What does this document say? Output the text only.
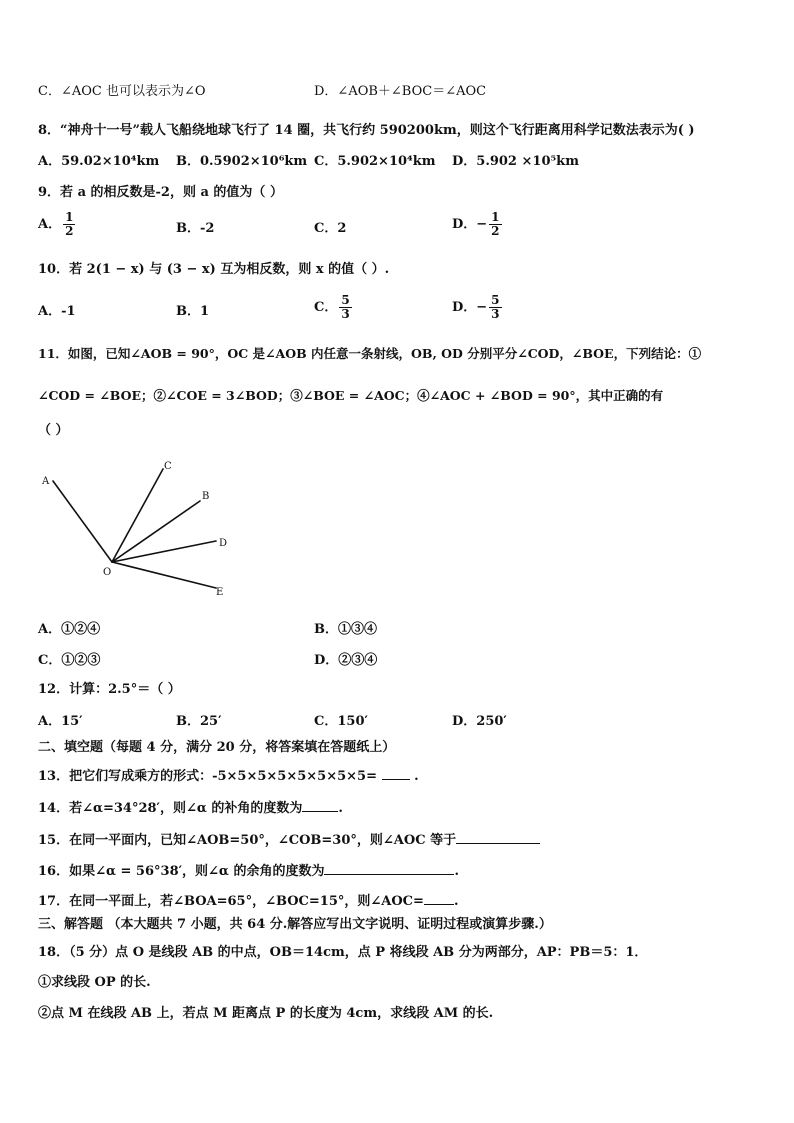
C．∠AOC 也可以表示为∠O	D．∠AOB＋∠BOC＝∠AOC
8．“神舟十一号”载人飞船绕地球飞行了 14 圈，共飞行约 590200km，则这个飞行距离用科学记数法表示为( )
A．59.02×10⁴km B．0.5902×10⁶km C．5.902×10⁴km D．5.902 ×10⁵km
9．若 a 的相反数是-2，则 a 的值为（ ）
A． $\frac{1}{2}$	B．-2	C．2	D．− $\frac{1}{2}$
10．若 2(1 − x) 与 (3 − x) 互为相反数，则 x 的值（ ）.
A．-1	B．1	C． $\frac{5}{3}$	D．− $\frac{5}{3}$
11．如图，已知∠AOB = 90°，OC 是∠AOB 内任意一条射线，OB, OD 分别平分∠COD，∠BOE，下列结论：①
∠COD = ∠BOE；②∠COE = 3∠BOD；③∠BOE = ∠AOC；④∠AOC + ∠BOD = 90°，其中正确的有
（ ）
A
C
B
D
E
O
A．①②④	B．①③④
C．①②③	D．②③④
12．计算：2.5°＝（ ）
A．15′	B．25′	C．150′	D．250′
二、填空题（每题 4 分，满分 20 分，将答案填在答题纸上）
13．把它们写成乘方的形式：-5×5×5×5×5×5×5×5=	.
14．若∠α=34°28′，则∠α 的补角的度数为	.
15．在同一平面内，已知∠AOB=50°，∠COB=30°，则∠AOC 等于
16．如果∠α = 56°38′，则∠α 的余角的度数为	.
17．在同一平面上，若∠BOA=65°，∠BOC=15°，则∠AOC= .
三、解答题 （本大题共 7 小题，共 64 分.解答应写出文字说明、证明过程或演算步骤.）
18．（5 分）点 O 是线段 AB 的中点，OB＝14cm，点 P 将线段 AB 分为两部分，AP：PB＝5：1．
①求线段 OP 的长.
②点 M 在线段 AB 上，若点 M 距离点 P 的长度为 4cm，求线段 AM 的长.
